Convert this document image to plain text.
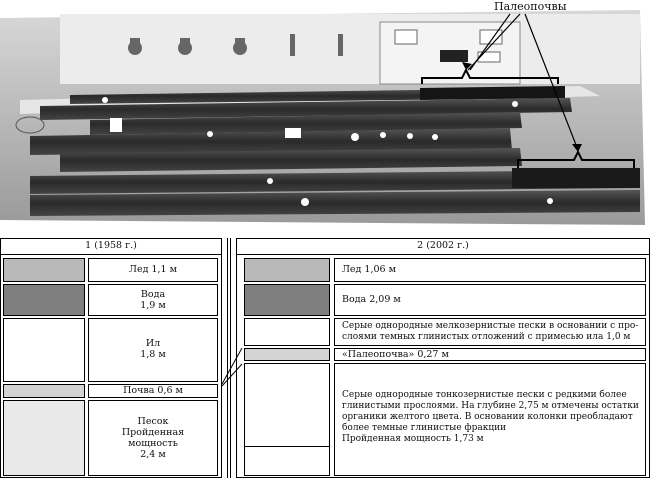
Палеопочвы
1 (1958 г.)
Лед 1,1 м
Вода
1,9 м
Ил
1,8 м
Почва 0,6 м
Песок
Пройденная
мощность
2,4 м
2 (2002 г.)
Лед 1,06 м
Вода 2,09 м
Серые однородные мелкозернистые пески в основании с про-
слоями темных глинистых отложений с примесью ила 1,0 м
«Палеопочва» 0,27 м
Серые однородные тонкозернистые пески с редкими более
глинистыми прослоями. На глубине 2,75 м отмечены остатки
органики желтого цвета. В основании колонки преобладают
более темные глинистые фракции
Пройденная мощность 1,73 м
